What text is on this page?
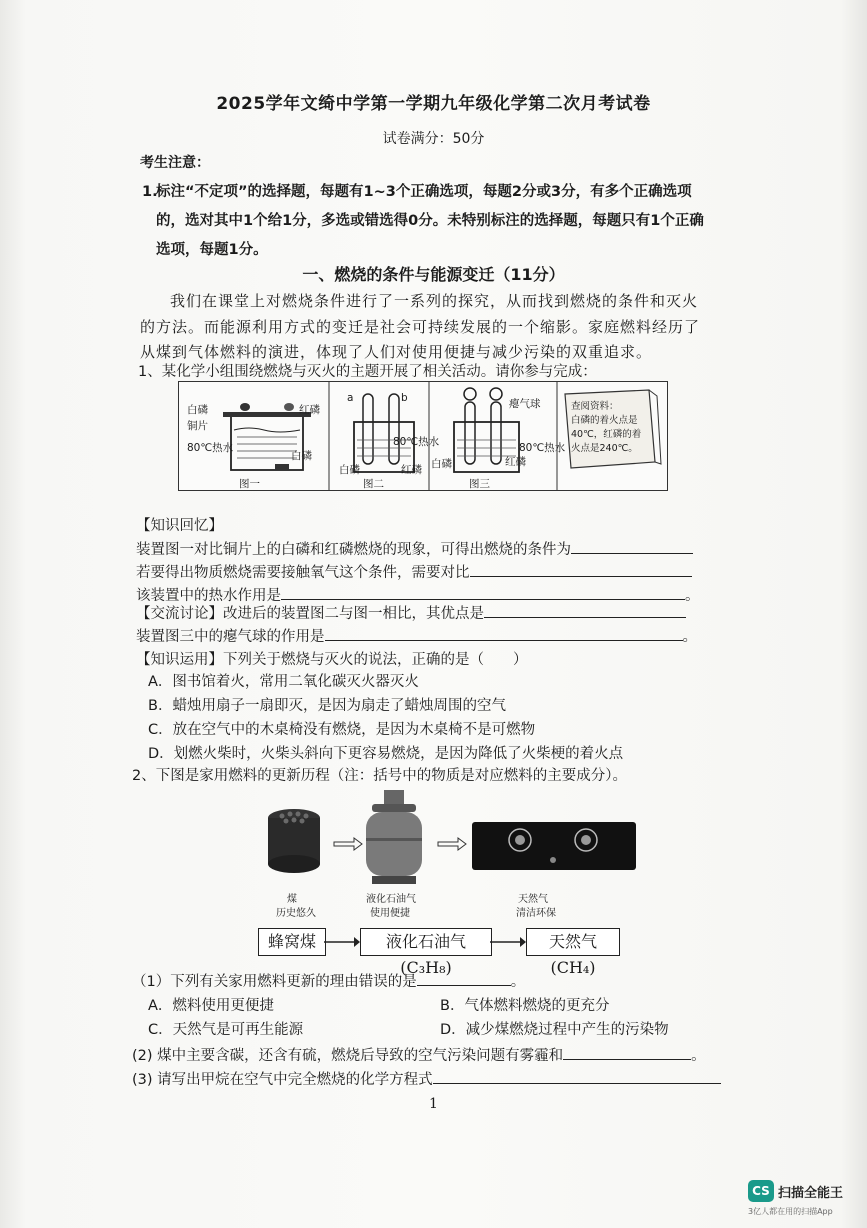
2025学年文绮中学第一学期九年级化学第二次月考试卷
试卷满分：50分
考生注意：
1.
标注“不定项”的选择题，每题有1~3个正确选项，每题2分或3分，有多个正确选项的，选对其中1个给1分，多选或错选得0分。未特别标注的选择题，每题只有1个正确选项，每题1分。
一、燃烧的条件与能源变迁（11分）
我们在课堂上对燃烧条件进行了一系列的探究，从而找到燃烧的条件和灭火的方法。而能源利用方式的变迁是社会可持续发展的一个缩影。家庭燃料经历了从煤到气体燃料的演进，体现了人们对使用便捷与减少污染的双重追求。
1、某化学小组围绕燃烧与灭火的主题开展了相关活动。请你参与完成：
白磷	红磷
铜片
80℃热水
白磷
图一
a	b
80℃热水
白磷	红磷
图二
瘪气球
80℃热水
白磷	红磷
图三
查阅资料：
白磷的着火点是
40℃，红磷的着
火点是240℃。
【知识回忆】
装置图一对比铜片上的白磷和红磷燃烧的现象，可得出燃烧的条件为
若要得出物质燃烧需要接触氧气这个条件，需要对比
该装置中的热水作用是	。
【交流讨论】改进后的装置图二与图一相比，其优点是
装置图三中的瘪气球的作用是	。
【知识运用】下列关于燃烧与灭火的说法，正确的是（　　）
A．图书馆着火，常用二氧化碳灭火器灭火
B．蜡烛用扇子一扇即灭，是因为扇走了蜡烛周围的空气
C．放在空气中的木桌椅没有燃烧，是因为木桌椅不是可燃物
D．划燃火柴时，火柴头斜向下更容易燃烧，是因为降低了火柴梗的着火点
2、下图是家用燃料的更新历程（注：括号中的物质是对应燃料的主要成分）。
煤
历史悠久
液化石油气
使用便捷
天然气
清洁环保
蜂窝煤	液化石油气(C₃H₈)
天然气(CH₄)
（1）下列有关家用燃料更新的理由错误的是	。
A．燃料使用更便捷	B．气体燃料燃烧的更充分
C．天然气是可再生能源	D．减少煤燃烧过程中产生的污染物
(2) 煤中主要含碳，还含有硫，燃烧后导致的空气污染问题有雾霾和	。
(3) 请写出甲烷在空气中完全燃烧的化学方程式
1
CS 扫描全能王
3亿人都在用的扫描App
